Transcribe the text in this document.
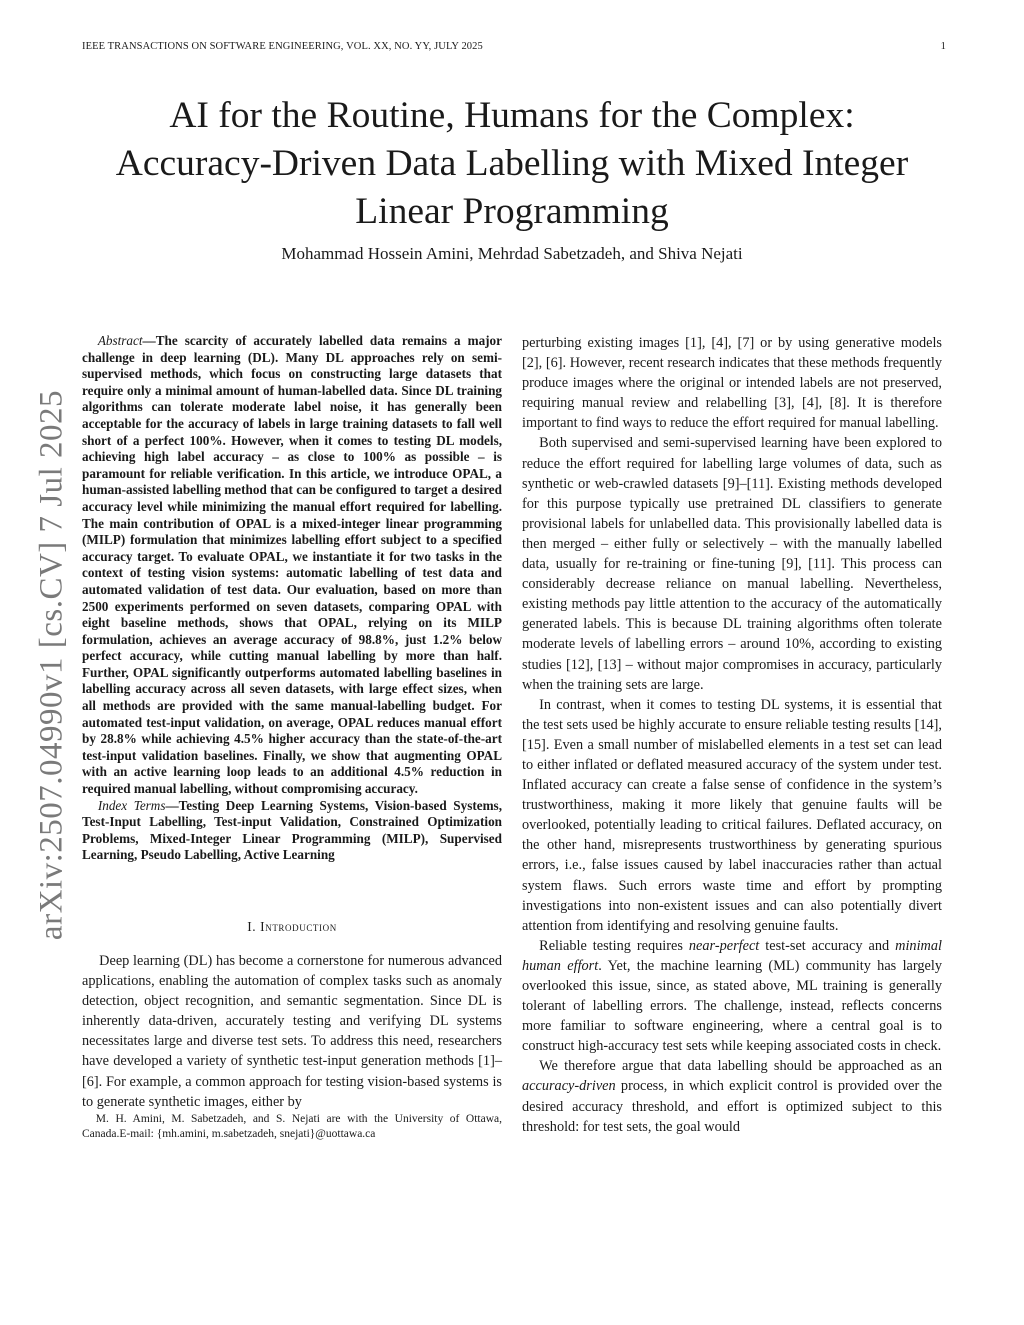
IEEE TRANSACTIONS ON SOFTWARE ENGINEERING, VOL. XX, NO. YY, JULY 2025	1
AI for the Routine, Humans for the Complex:
Accuracy-Driven Data Labelling with Mixed Integer
Linear Programming
Mohammad Hossein Amini, Mehrdad Sabetzadeh, and Shiva Nejati
arXiv:2507.04990v1 [cs.CV] 7 Jul 2025

Abstract—The scarcity of accurately labelled data remains a major challenge in deep learning (DL). Many DL approaches rely on semi-supervised methods, which focus on constructing large datasets that require only a minimal amount of human-labelled data. Since DL training algorithms can tolerate moderate label noise, it has generally been acceptable for the accuracy of labels in large training datasets to fall well short of a perfect 100%. However, when it comes to testing DL models, achieving high label accuracy – as close to 100% as possible – is paramount for reliable verification. In this article, we introduce OPAL, a human-assisted labelling method that can be configured to target a desired accuracy level while minimizing the manual effort required for labelling. The main contribution of OPAL is a mixed-integer linear programming (MILP) formulation that minimizes labelling effort subject to a specified accuracy target. To evaluate OPAL, we instantiate it for two tasks in the context of testing vision systems: automatic labelling of test data and automated validation of test data. Our evaluation, based on more than 2500 experiments performed on seven datasets, comparing OPAL with eight baseline methods, shows that OPAL, relying on its MILP formulation, achieves an average accuracy of 98.8%, just 1.2% below perfect accuracy, while cutting manual labelling by more than half. Further, OPAL significantly outperforms automated labelling baselines in labelling accuracy across all seven datasets, with large effect sizes, when all methods are provided with the same manual-labelling budget. For automated test-input validation, on average, OPAL reduces manual effort by 28.8% while achieving 4.5% higher accuracy than the state-of-the-art test-input validation baselines. Finally, we show that augmenting OPAL with an active learning loop leads to an additional 4.5% reduction in required manual labelling, without compromising accuracy.

Index Terms—Testing Deep Learning Systems, Vision-based Systems, Test-Input Labelling, Test-input Validation, Constrained Optimization Problems, Mixed-Integer Linear Programming (MILP), Supervised Learning, Pseudo Labelling, Active Learning

I. Introduction

Deep learning (DL) has become a cornerstone for numerous advanced applications, enabling the automation of complex tasks such as anomaly detection, object recognition, and semantic segmentation. Since DL is inherently data-driven, accurately testing and verifying DL systems necessitates large and diverse test sets. To address this need, researchers have developed a variety of synthetic test-input generation methods [1]–[6]. For example, a common approach for testing vision-based systems is to generate synthetic images, either by

M. H. Amini, M. Sabetzadeh, and S. Nejati are with the University of Ottawa, Canada.E-mail: {mh.amini, m.sabetzadeh, snejati}@uottawa.ca

perturbing existing images [1], [4], [7] or by using generative models [2], [6]. However, recent research indicates that these methods frequently produce images where the original or intended labels are not preserved, requiring manual review and relabelling [3], [4], [8]. It is therefore important to find ways to reduce the effort required for manual labelling.

Both supervised and semi-supervised learning have been explored to reduce the effort required for labelling large volumes of data, such as synthetic or web-crawled datasets [9]–[11]. Existing methods developed for this purpose typically use pretrained DL classifiers to generate provisional labels for unlabelled data. This provisionally labelled data is then merged – either fully or selectively – with the manually labelled data, usually for re-training or fine-tuning [9], [11]. This process can considerably decrease reliance on manual labelling. Nevertheless, existing methods pay little attention to the accuracy of the automatically generated labels. This is because DL training algorithms often tolerate moderate levels of labelling errors – around 10%, according to existing studies [12], [13] – without major compromises in accuracy, particularly when the training sets are large.

In contrast, when it comes to testing DL systems, it is essential that the test sets used be highly accurate to ensure reliable testing results [14], [15]. Even a small number of mislabelled elements in a test set can lead to either inflated or deflated measured accuracy of the system under test. Inflated accuracy can create a false sense of confidence in the system’s trustworthiness, making it more likely that genuine faults will be overlooked, potentially leading to critical failures. Deflated accuracy, on the other hand, misrepresents trustworthiness by generating spurious errors, i.e., false issues caused by label inaccuracies rather than actual system flaws. Such errors waste time and effort by prompting investigations into non-existent issues and can also potentially divert attention from identifying and resolving genuine faults.

Reliable testing requires near-perfect test-set accuracy and minimal human effort. Yet, the machine learning (ML) community has largely overlooked this issue, since, as stated above, ML training is generally tolerant of labelling errors. The challenge, instead, reflects concerns more familiar to software engineering, where a central goal is to construct high-accuracy test sets while keeping associated costs in check.

We therefore argue that data labelling should be approached as an accuracy-driven process, in which explicit control is provided over the desired accuracy threshold, and effort is optimized subject to this threshold: for test sets, the goal would
